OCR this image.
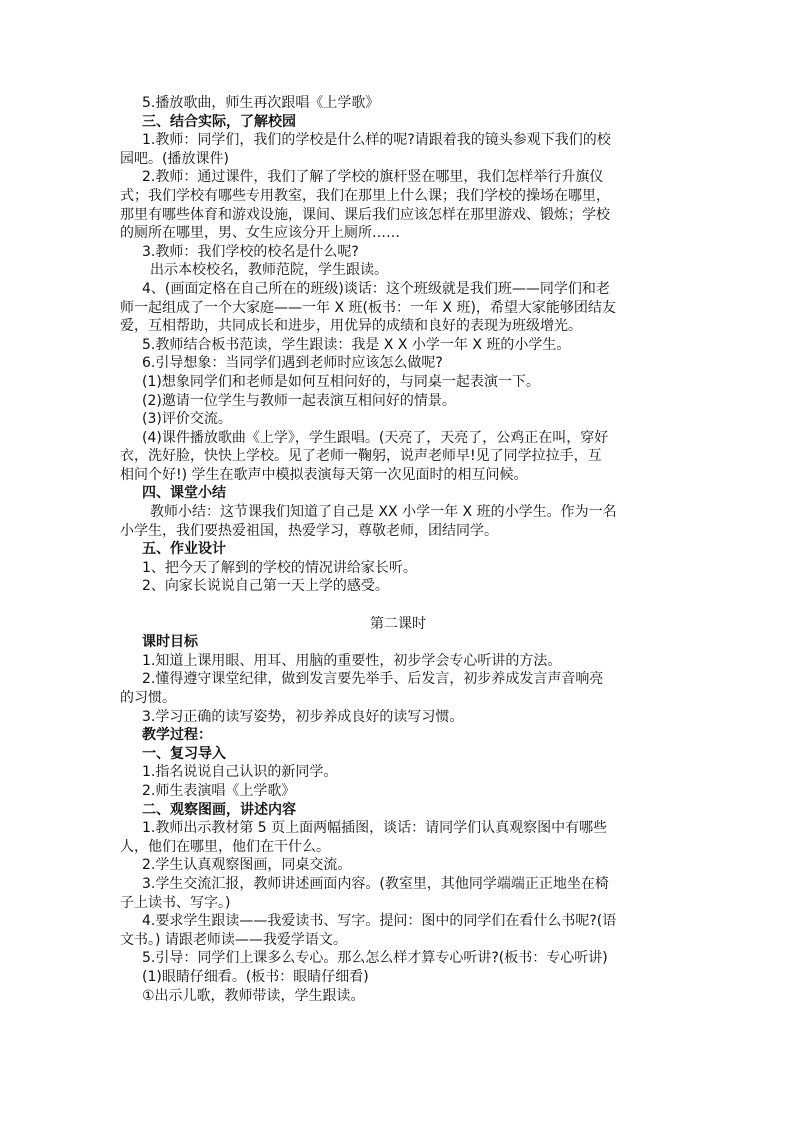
5.播放歌曲，师生再次跟唱《上学歌》

三、结合实际，了解校园

1.教师：同学们，我们的学校是什么样的呢?请跟着我的镜头参观下我们的校

园吧。(播放课件)

2.教师：通过课件，我们了解了学校的旗杆竖在哪里，我们怎样举行升旗仪

式；我们学校有哪些专用教室，我们在那里上什么课；我们学校的操场在哪里，

那里有哪些体育和游戏设施，课间、课后我们应该怎样在那里游戏、锻炼；学校

的厕所在哪里，男、女生应该分开上厕所……

3.教师：我们学校的校名是什么呢?

出示本校校名，教师范院，学生跟读。

4、(画面定格在自己所在的班级)谈话：这个班级就是我们班——同学们和老

师一起组成了一个大家庭——一年 X 班(板书：一年 X 班)，希望大家能够团结友

爱，互相帮助，共同成长和进步，用优异的成绩和良好的表现为班级增光。

5.教师结合板书范读，学生跟读：我是 X X 小学一年 X 班的小学生。

6.引导想象：当同学们遇到老师时应该怎么做呢?

(1)想象同学们和老师是如何互相问好的，与同桌一起表演一下。

(2)邀请一位学生与教师一起表演互相问好的情景。

(3)评价交流。

(4)课件播放歌曲《上学》，学生跟唱。(天亮了，天亮了，公鸡正在叫，穿好

衣，洗好脸，快快上学校。见了老师一鞠躬，说声老师早!见了同学拉拉手，互

相问个好!) 学生在歌声中模拟表演每天第一次见面时的相互问候。

四、课堂小结

教师小结：这节课我们知道了自己是 XX 小学一年 X 班的小学生。作为一名

小学生，我们要热爱祖国，热爱学习，尊敬老师，团结同学。

五、作业设计

1、把今天了解到的学校的情况讲给家长听。

2、向家长说说自己第一天上学的感受。

第二课时

课时目标

1.知道上课用眼、用耳、用脑的重要性，初步学会专心听讲的方法。

2.懂得遵守课堂纪律，做到发言要先举手、后发言，初步养成发言声音响亮

的习惯。

3.学习正确的读写姿势，初步养成良好的读写习惯。

教学过程：

一、复习导入

1.指名说说自己认识的新同学。

2.师生表演唱《上学歌》

二、观察图画，讲述内容

1.教师出示教材第 5 页上面两幅插图，谈话：请同学们认真观察图中有哪些

人，他们在哪里，他们在干什么。

2.学生认真观察图画，同桌交流。

3.学生交流汇报，教师讲述画面内容。(教室里，其他同学端端正正地坐在椅

子上读书、写字。)

4.要求学生跟读——我爱读书、写字。提问：图中的同学们在看什么书呢?(语

文书。) 请跟老师读——我爱学语文。

5.引导：同学们上课多么专心。那么怎么样才算专心听讲?(板书：专心听讲)

(1)眼睛仔细看。(板书：眼睛仔细看)

①出示儿歌，教师带读，学生跟读。
